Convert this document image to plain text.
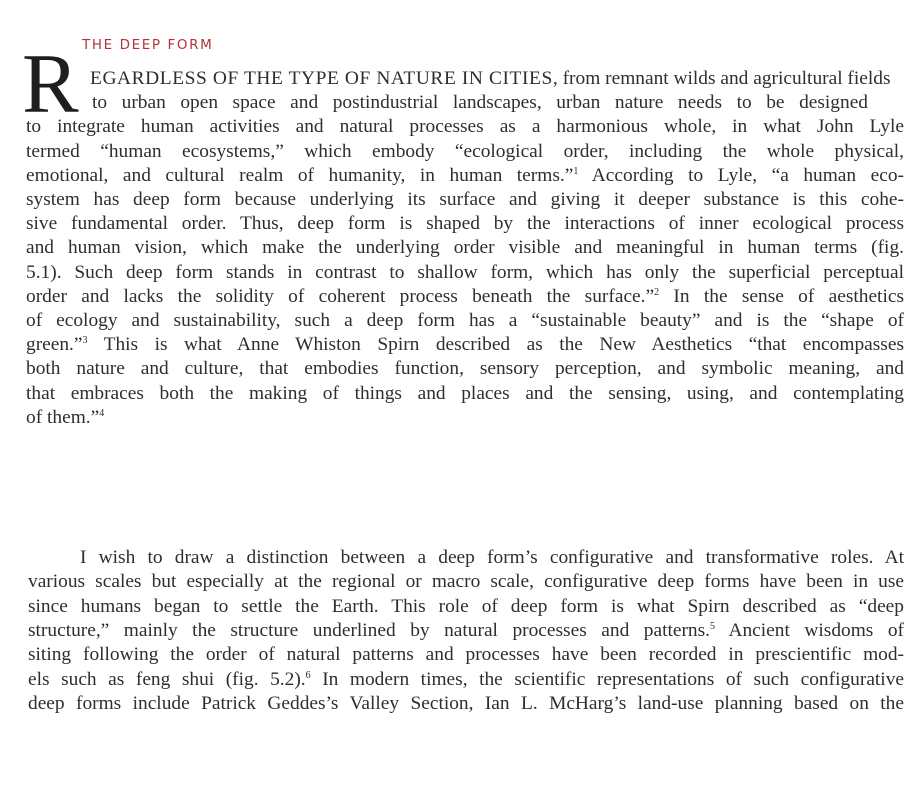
THE DEEP FORM
R EGARDLESS OF THE TYPE OF NATURE IN CITIES, from remnant wilds and agricultural fields
to urban open space and postindustrial landscapes, urban nature needs to be designed
to integrate human activities and natural processes as a harmonious whole, in what John Lyle
termed “human ecosystems,” which embody “ecological order, including the whole physical,
emotional, and cultural realm of humanity, in human terms.”$^1$ According to Lyle, “a human eco-
system has deep form because underlying its surface and giving it deeper substance is this cohe-
sive fundamental order. Thus, deep form is shaped by the interactions of inner ecological process
and human vision, which make the underlying order visible and meaningful in human terms (fig.
5.1). Such deep form stands in contrast to shallow form, which has only the superficial perceptual
order and lacks the solidity of coherent process beneath the surface.”$^2$ In the sense of aesthetics
of ecology and sustainability, such a deep form has a “sustainable beauty” and is the “shape of
green.”$^3$ This is what Anne Whiston Spirn described as the New Aesthetics “that encompasses
both nature and culture, that embodies function, sensory perception, and symbolic meaning, and
that embraces both the making of things and places and the sensing, using, and contemplating
of them.”$^4$
I wish to draw a distinction between a deep form’s configurative and transformative roles. At
various scales but especially at the regional or macro scale, configurative deep forms have been in use
since humans began to settle the Earth. This role of deep form is what Spirn described as “deep
structure,” mainly the structure underlined by natural processes and patterns.$^5$ Ancient wisdoms of
siting following the order of natural patterns and processes have been recorded in prescientific mod-
els such as feng shui (fig. 5.2).$^6$ In modern times, the scientific representations of such configurative
deep forms include Patrick Geddes’s Valley Section, Ian L. McHarg’s land-use planning based on the
